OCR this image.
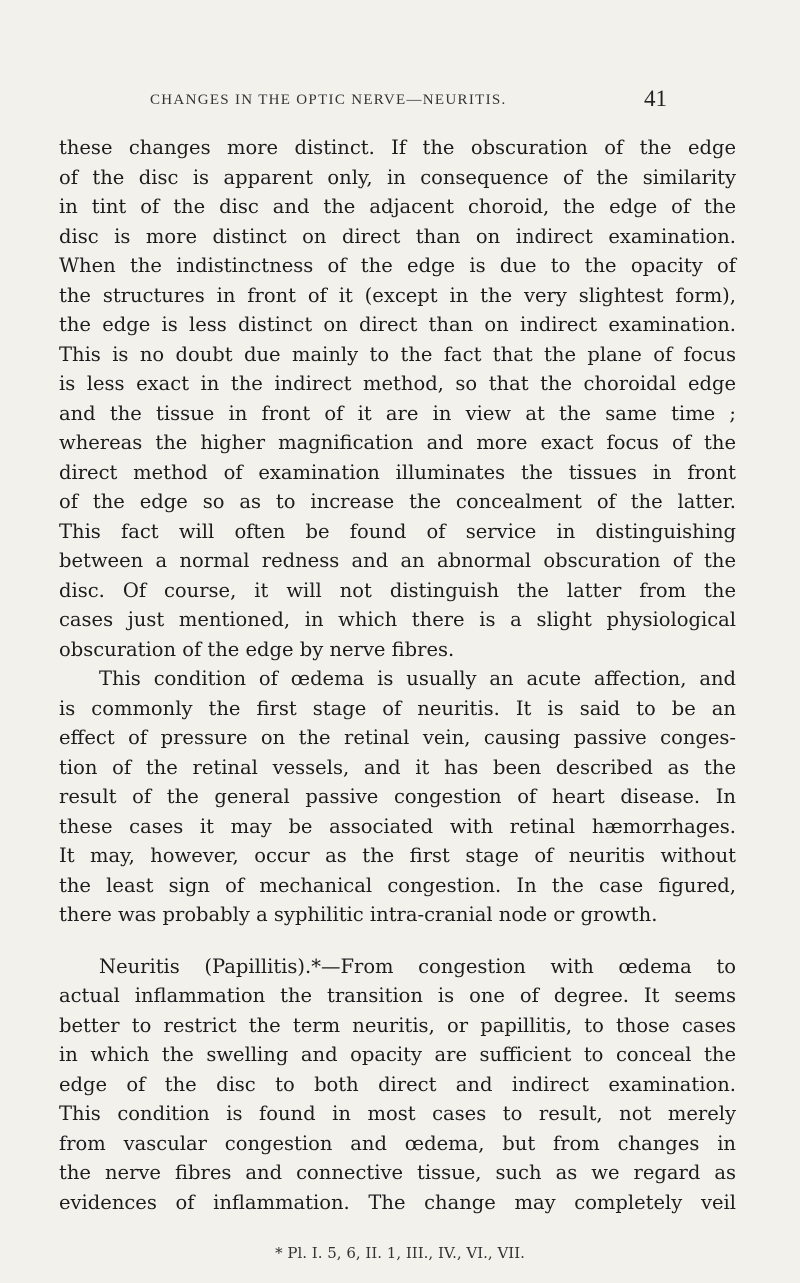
CHANGES IN THE OPTIC NERVE—NEURITIS.	41
these changes more distinct. If the obscuration of the edge
of the disc is apparent only, in consequence of the similarity
in tint of the disc and the adjacent choroid, the edge of the
disc is more distinct on direct than on indirect examination.
When the indistinctness of the edge is due to the opacity of
the structures in front of it (except in the very slightest form),
the edge is less distinct on direct than on indirect examination.
This is no doubt due mainly to the fact that the plane of focus
is less exact in the indirect method, so that the choroidal edge
and the tissue in front of it are in view at the same time ;
whereas the higher magnification and more exact focus of the
direct method of examination illuminates the tissues in front
of the edge so as to increase the concealment of the latter.
This fact will often be found of service in distinguishing
between a normal redness and an abnormal obscuration of the
disc. Of course, it will not distinguish the latter from the
cases just mentioned, in which there is a slight physiological
obscuration of the edge by nerve fibres.
This condition of œdema is usually an acute affection, and
is commonly the first stage of neuritis. It is said to be an
effect of pressure on the retinal vein, causing passive conges-
tion of the retinal vessels, and it has been described as the
result of the general passive congestion of heart disease. In
these cases it may be associated with retinal hæmorrhages.
It may, however, occur as the first stage of neuritis without
the least sign of mechanical congestion. In the case figured,
there was probably a syphilitic intra-cranial node or growth.
Neuritis (Papillitis).*—From congestion with œdema to
actual inflammation the transition is one of degree. It seems
better to restrict the term neuritis, or papillitis, to those cases
in which the swelling and opacity are sufficient to conceal the
edge of the disc to both direct and indirect examination.
This condition is found in most cases to result, not merely
from vascular congestion and œdema, but from changes in
the nerve fibres and connective tissue, such as we regard as
evidences of inflammation. The change may completely veil
* Pl. I. 5, 6, II. 1, III., IV., VI., VII.
